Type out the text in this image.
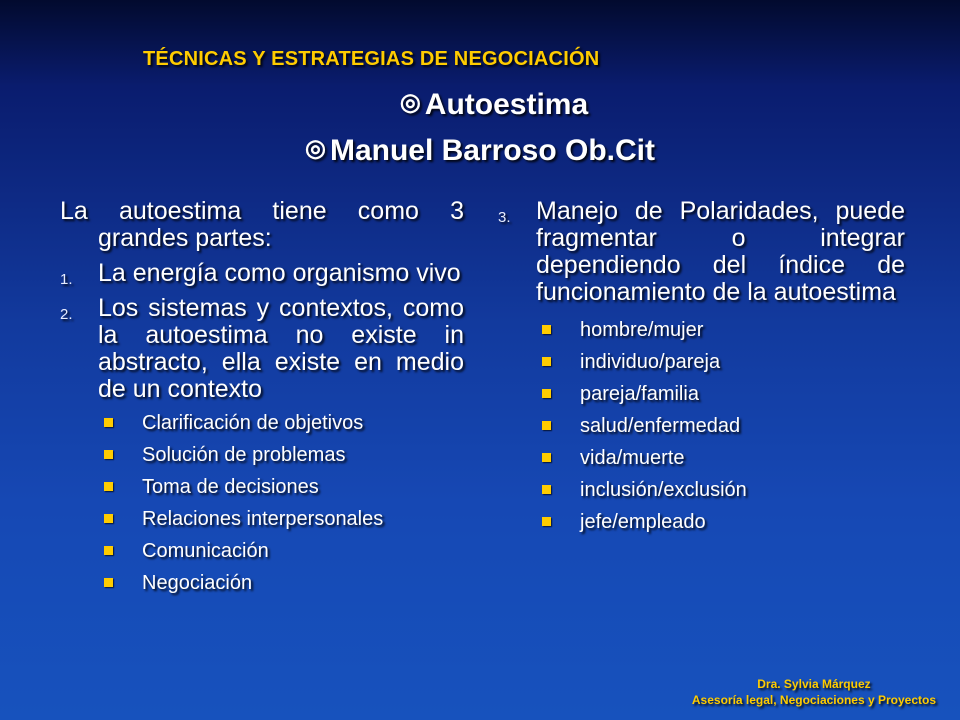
TÉCNICAS Y ESTRATEGIAS DE NEGOCIACIÓN
◎ Autoestima
◎ Manuel Barroso Ob.Cit
La autoestima tiene como 3 grandes partes:
1. La energía como organismo vivo
2. Los sistemas y contextos, como la autoestima no existe in abstracto, ella existe en medio de un contexto
Clarificación de objetivos
Solución de problemas
Toma de decisiones
Relaciones interpersonales
Comunicación
Negociación
3. Manejo de Polaridades, puede fragmentar o integrar dependiendo del índice de funcionamiento de la autoestima
hombre/mujer
individuo/pareja
pareja/familia
salud/enfermedad
vida/muerte
inclusión/exclusión
jefe/empleado
Dra. Sylvia Márquez
Asesoría legal, Negociaciones y Proyectos
